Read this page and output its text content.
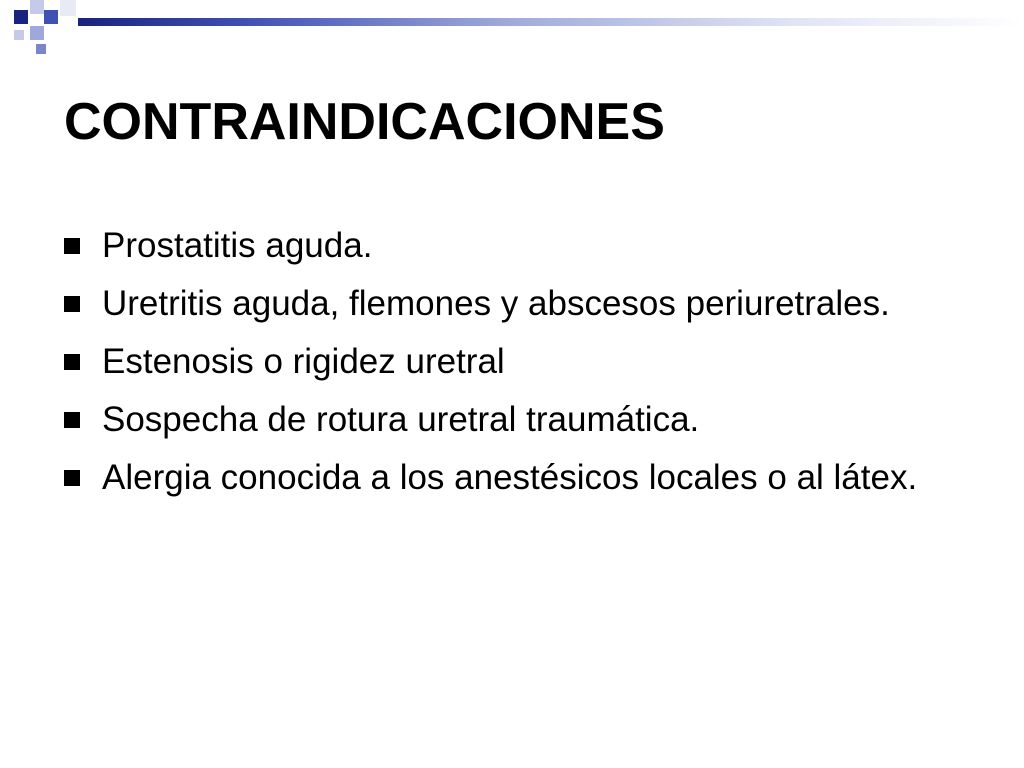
CONTRAINDICACIONES
Prostatitis aguda.
Uretritis aguda, flemones y abscesos periuretrales.
Estenosis o rigidez uretral
Sospecha de rotura uretral traumática.
Alergia conocida a los anestésicos locales o al látex.
